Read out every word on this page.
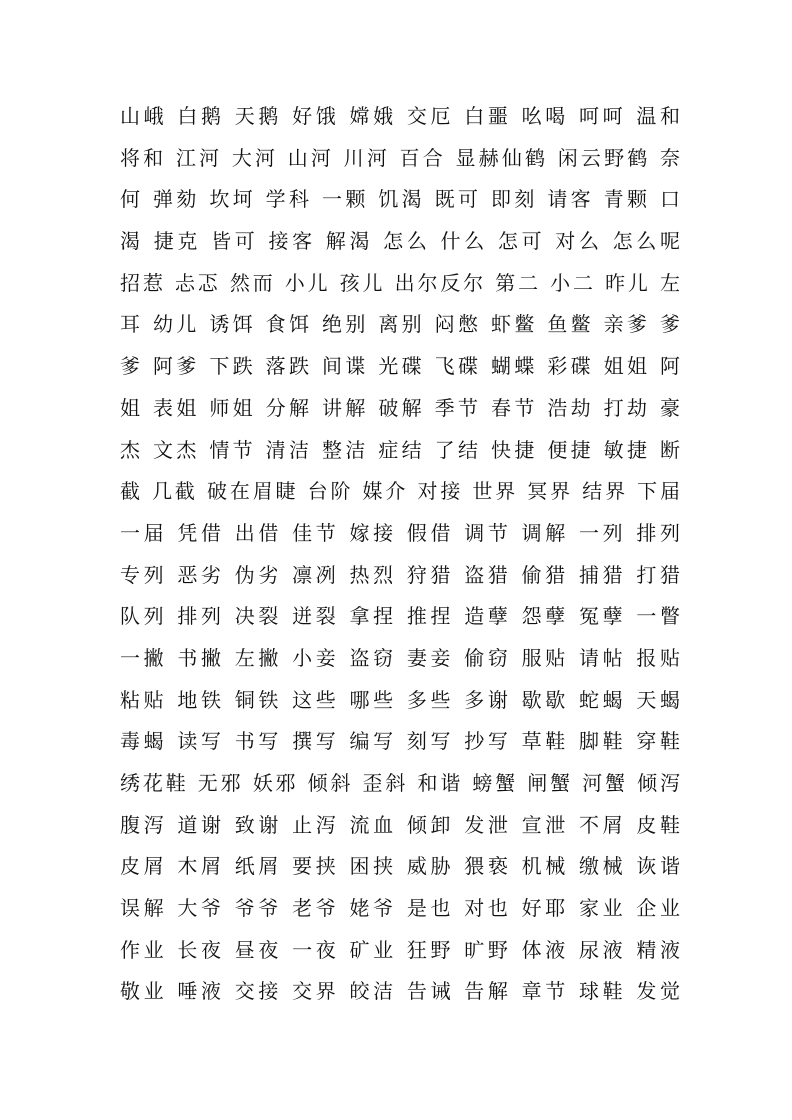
山峨 白鹅 天鹅 好饿 嫦娥 交厄 白噩 吆喝 呵呵 温和
将和 江河 大河 山河 川河 百合 显赫仙鹤 闲云野鹤 奈
何 弹劾 坎坷 学科 一颗 饥渴 既可 即刻 请客 青颗 口
渴 捷克 皆可 接客 解渴 怎么 什么 怎可 对么 怎么呢
招惹 忐忑 然而 小儿 孩儿 出尔反尔 第二 小二 昨儿 左
耳 幼儿 诱饵 食饵 绝别 离别 闷憋 虾鳖 鱼鳖 亲爹 爹
爹 阿爹 下跌 落跌 间谍 光碟 飞碟 蝴蝶 彩碟 姐姐 阿
姐 表姐 师姐 分解 讲解 破解 季节 春节 浩劫 打劫 豪
杰 文杰 情节 清洁 整洁 症结 了结 快捷 便捷 敏捷 断
截 几截 破在眉睫 台阶 媒介 对接 世界 冥界 结界 下届
一届 凭借 出借 佳节 嫁接 假借 调节 调解 一列 排列
专列 恶劣 伪劣 凛冽 热烈 狩猎 盗猎 偷猎 捕猎 打猎
队列 排列 决裂 迸裂 拿捏 推捏 造孽 怨孽 冤孽 一瞥
一撇 书撇 左撇 小妾 盗窃 妻妾 偷窃 服贴 请帖 报贴
粘贴 地铁 铜铁 这些 哪些 多些 多谢 歇歇 蛇蝎 天蝎
毒蝎 读写 书写 撰写 编写 刻写 抄写 草鞋 脚鞋 穿鞋
绣花鞋 无邪 妖邪 倾斜 歪斜 和谐 螃蟹 闸蟹 河蟹 倾泻
腹泻 道谢 致谢 止泻 流血 倾卸 发泄 宣泄 不屑 皮鞋
皮屑 木屑 纸屑 要挟 困挟 威胁 猥亵 机械 缴械 诙谐
误解 大爷 爷爷 老爷 姥爷 是也 对也 好耶 家业 企业
作业 长夜 昼夜 一夜 矿业 狂野 旷野 体液 尿液 精液
敬业 唾液 交接 交界 皎洁 告诫 告解 章节 球鞋 发觉
